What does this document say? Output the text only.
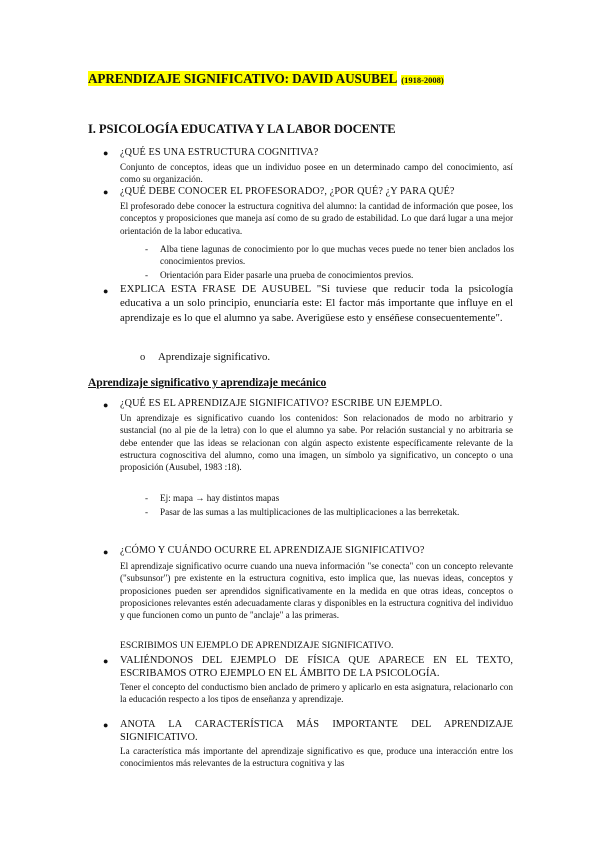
APRENDIZAJE SIGNIFICATIVO: DAVID AUSUBEL (1918-2008)
I. PSICOLOGÍA EDUCATIVA Y LA LABOR DOCENTE
● ¿QUÉ ES UNA ESTRUCTURA COGNITIVA?

Conjunto de conceptos, ideas que un individuo posee en un determinado campo del conocimiento, así como su organización.

● ¿QUÉ DEBE CONOCER EL PROFESORADO?, ¿POR QUÉ? ¿Y PARA QUÉ?

El profesorado debe conocer la estructura cognitiva del alumno: la cantidad de información que posee, los conceptos y proposiciones que maneja así como de su grado de estabilidad. Lo que dará lugar a una mejor orientación de la labor educativa.

- Alba tiene lagunas de conocimiento por lo que muchas veces puede no tener bien anclados los conocimientos previos.

- Orientación para Eider pasarle una prueba de conocimientos previos.

● EXPLICA ESTA FRASE DE AUSUBEL "Si tuviese que reducir toda la psicología educativa a un solo principio, enunciaría este: El factor más importante que influye en el aprendizaje es lo que el alumno ya sabe. Averigüese esto y enséñese consecuentemente".

o Aprendizaje significativo.
Aprendizaje significativo y aprendizaje mecánico
● ¿QUÉ ES EL APRENDIZAJE SIGNIFICATIVO? ESCRIBE UN EJEMPLO.

Un aprendizaje es significativo cuando los contenidos: Son relacionados de modo no arbitrario y sustancial (no al pie de la letra) con lo que el alumno ya sabe. Por relación sustancial y no arbitraria se debe entender que las ideas se relacionan con algún aspecto existente específicamente relevante de la estructura cognoscitiva del alumno, como una imagen, un símbolo ya significativo, un concepto o una proposición (Ausubel, 1983 :18).

- Ej: mapa → hay distintos mapas

- Pasar de las sumas a las multiplicaciones de las multiplicaciones a las berreketak.

● ¿CÓMO Y CUÁNDO OCURRE EL APRENDIZAJE SIGNIFICATIVO?

El aprendizaje significativo ocurre cuando una nueva información "se conecta" con un concepto relevante ("subsunsor") pre existente en la estructura cognitiva, esto implica que, las nuevas ideas, conceptos y proposiciones pueden ser aprendidos significativamente en la medida en que otras ideas, conceptos o proposiciones relevantes estén adecuadamente claras y disponibles en la estructura cognitiva del individuo y que funcionen como un punto de "anclaje" a las primeras.

ESCRIBIMOS UN EJEMPLO DE APRENDIZAJE SIGNIFICATIVO.
● VALIÉNDONOS DEL EJEMPLO DE FÍSICA QUE APARECE EN EL TEXTO, ESCRIBAMOS OTRO EJEMPLO EN EL ÁMBITO DE LA PSICOLOGÍA.

Tener el concepto del conductismo bien anclado de primero y aplicarlo en esta asignatura, relacionarlo con la educación respecto a los tipos de enseñanza y aprendizaje.

● ANOTA LA CARACTERÍSTICA MÁS IMPORTANTE DEL APRENDIZAJE SIGNIFICATIVO.

La característica más importante del aprendizaje significativo es que, produce una interacción entre los conocimientos más relevantes de la estructura cognitiva y las
